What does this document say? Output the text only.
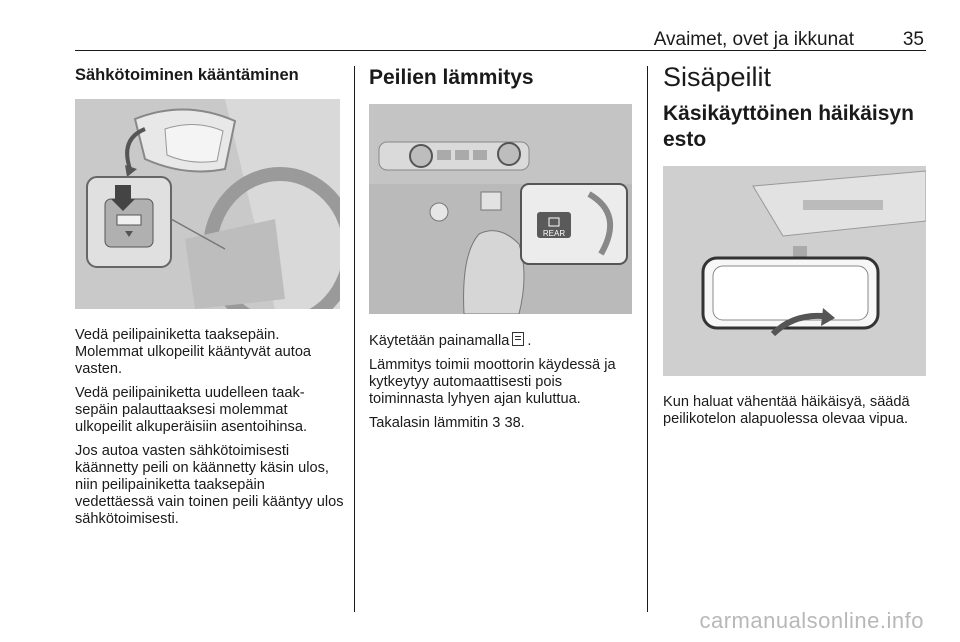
Avaimet, ovet ja ikkunat	35
Sähkötoiminen kääntäminen

Vedä peilipainiketta taaksepäin. Molemmat ulkopeilit kääntyvät autoa vasten.

Vedä peilipainiketta uudelleen taak-sepäin palauttaaksesi molemmat ulkopeilit alkuperäisiin asentoihinsa.

Jos autoa vasten sähkötoimisesti käännetty peili on käännetty käsin ulos, niin peilipainiketta taaksepäin vedettäessä vain toinen peili kääntyy ulos sähkötoimisesti.

Peilien lämmitys
REAR

Käytetään painamalla .

Lämmitys toimii moottorin käydessä ja kytkeytyy automaattisesti pois toiminnasta lyhyen ajan kuluttua.

Takalasin lämmitin 3 38.

Sisäpeilit
Käsikäyttöinen häikäisyn esto

Kun haluat vähentää häikäisyä, säädä peilikotelon alapuolessa olevaa vipua.

carmanualsonline.info
